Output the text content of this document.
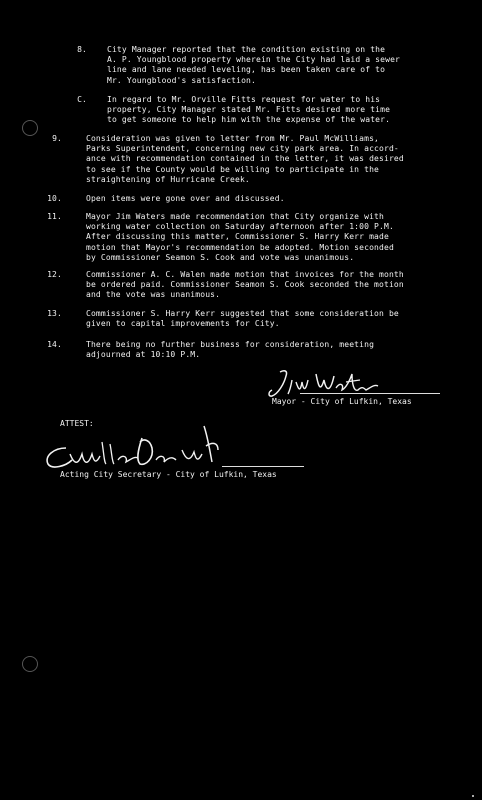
8.	City Manager reported that the condition existing on the
A. P. Youngblood property wherein the City had laid a sewer
line and lane needed leveling, has been taken care of to
Mr. Youngblood's satisfaction.
C.	In regard to Mr. Orville Fitts request for water to his
property, City Manager stated Mr. Fitts desired more time
to get someone to help him with the expense of the water.
9.	Consideration was given to letter from Mr. Paul McWilliams,
Parks Superintendent, concerning new city park area. In accord-
ance with recommendation contained in the letter, it was desired
to see if the County would be willing to participate in the
straightening of Hurricane Creek.
10.	Open items were gone over and discussed.
11.	Mayor Jim Waters made recommendation that City organize with
working water collection on Saturday afternoon after 1:00 P.M.
After discussing this matter, Commissioner S. Harry Kerr made
motion that Mayor's recommendation be adopted. Motion seconded
by Commissioner Seamon S. Cook and vote was unanimous.
12.	Commissioner A. C. Walen made motion that invoices for the month
be ordered paid. Commissioner Seamon S. Cook seconded the motion
and the vote was unanimous.
13.	Commissioner S. Harry Kerr suggested that some consideration be
given to capital improvements for City.
14.	There being no further business for consideration, meeting
adjourned at 10:10 P.M.
Mayor - City of Lufkin, Texas
ATTEST:
Acting City Secretary - City of Lufkin, Texas
